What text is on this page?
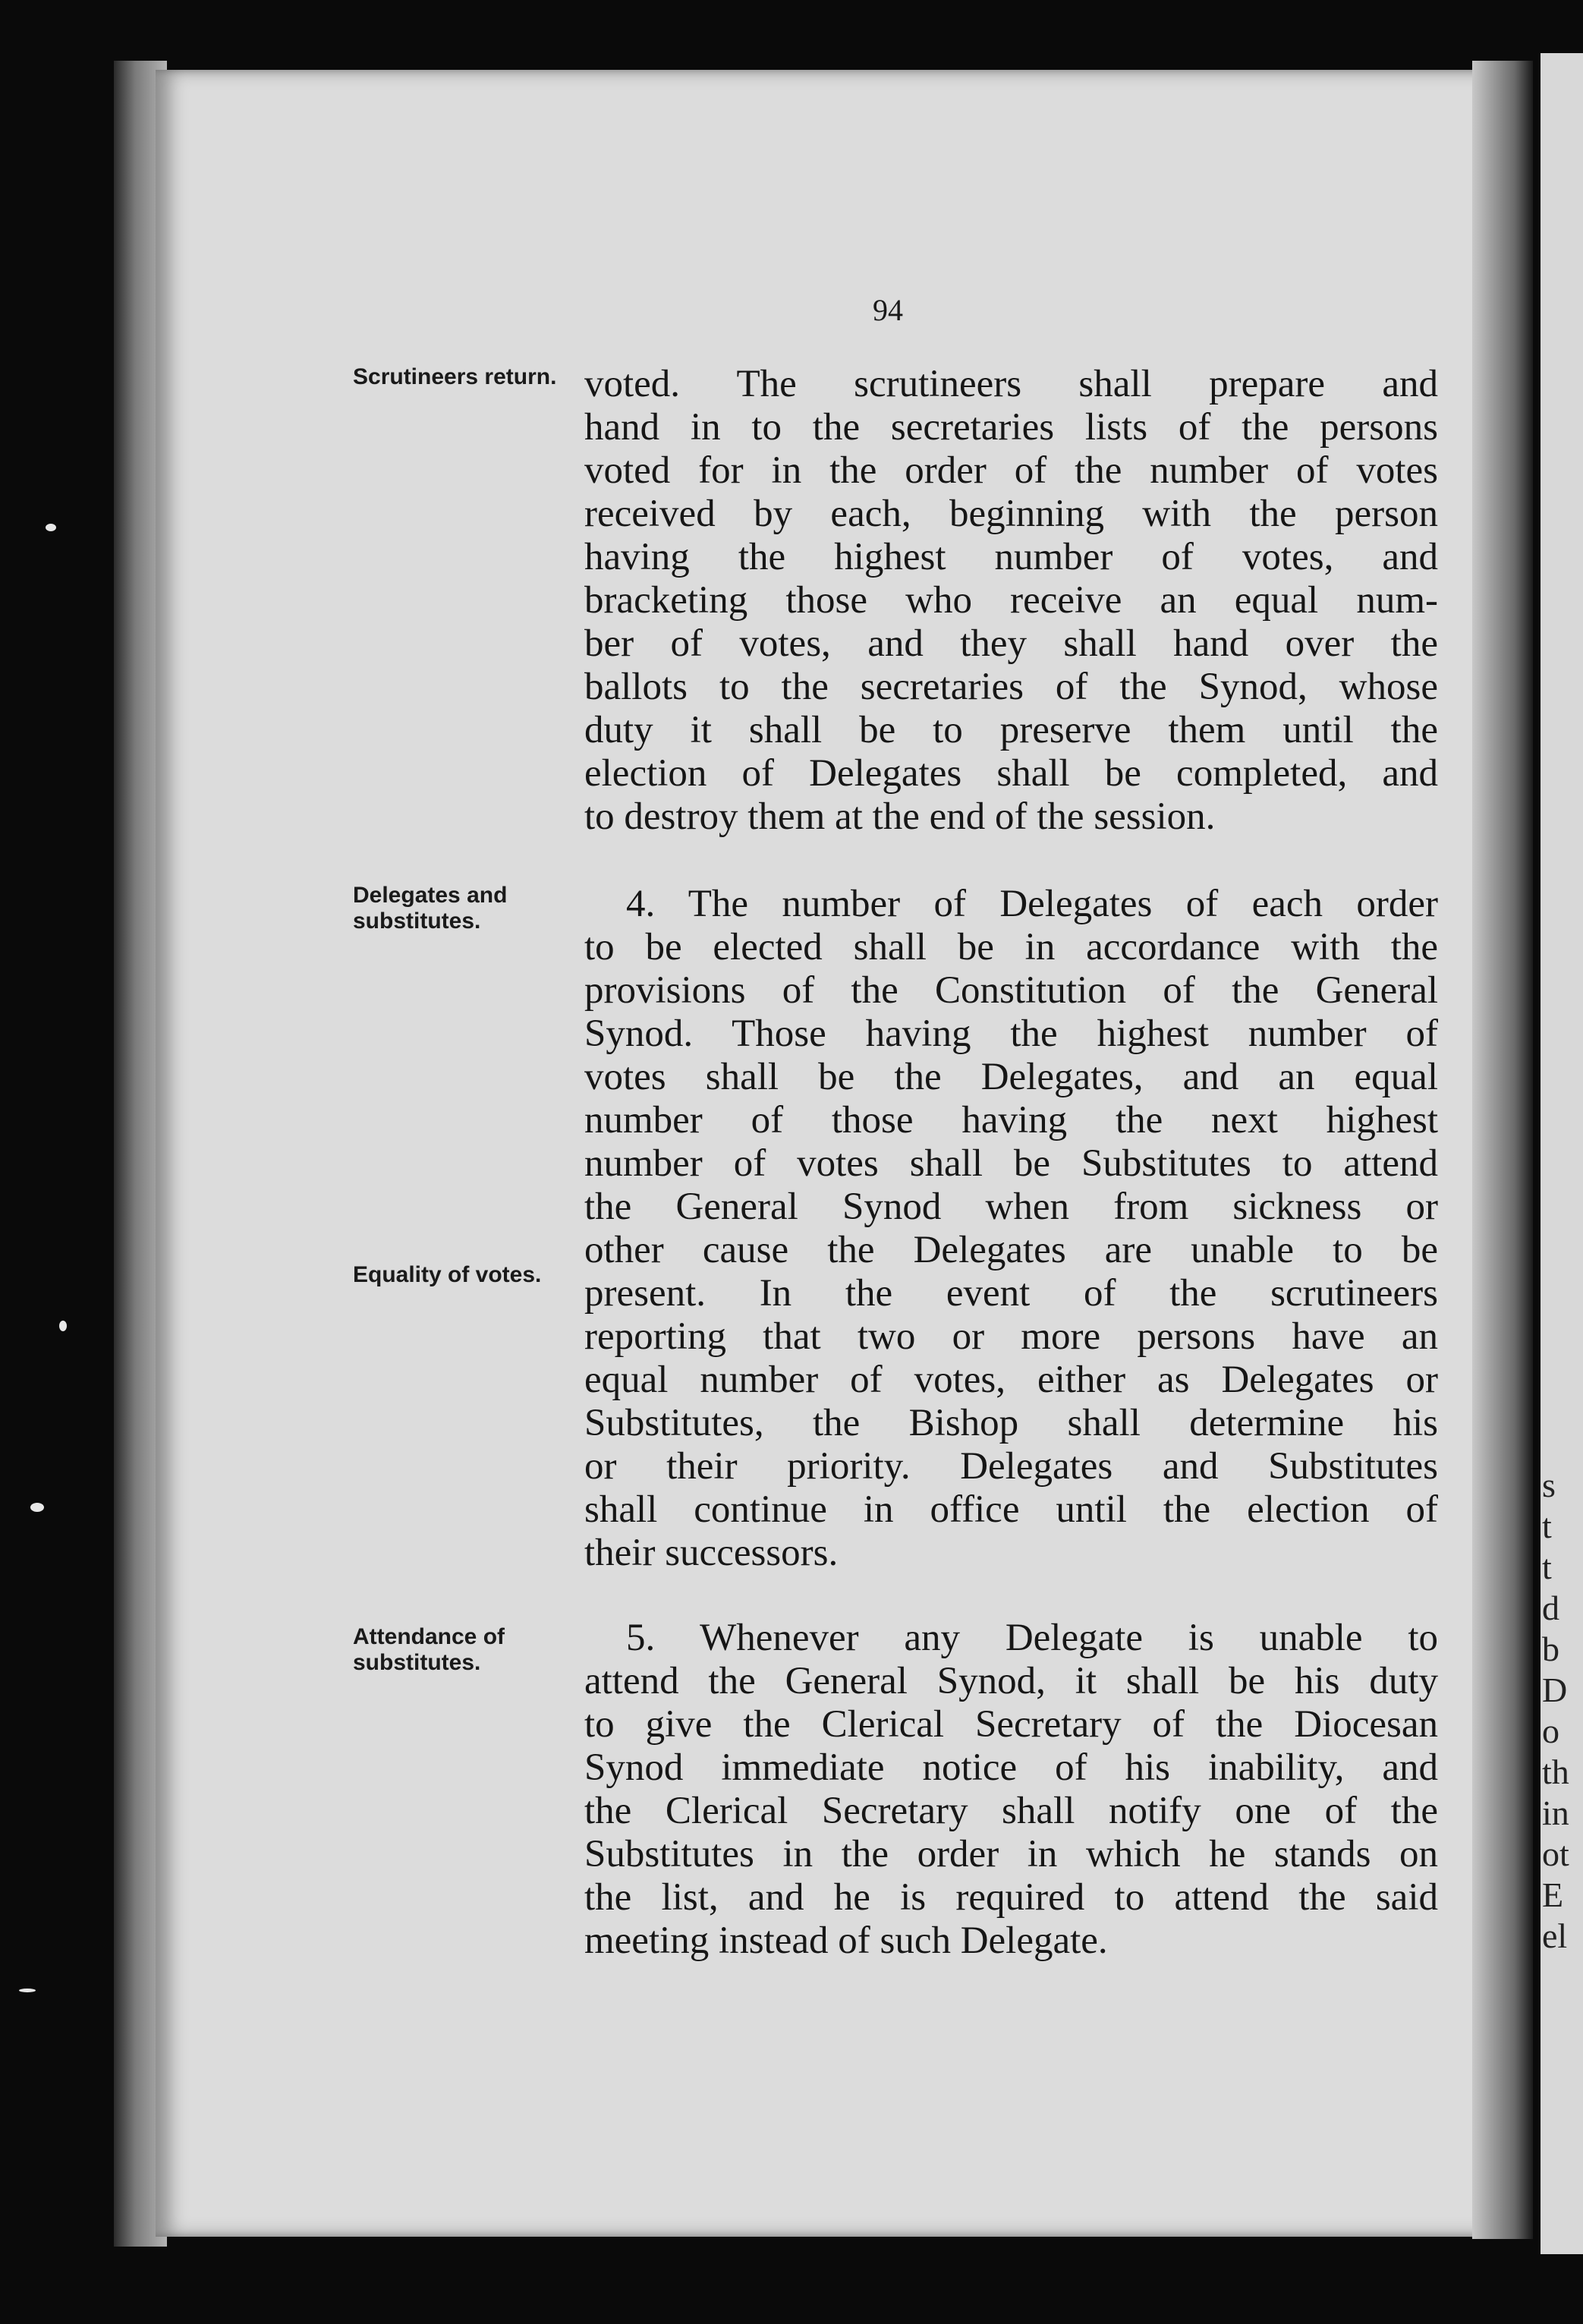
s
t
t
d
b
D
o
th
in
ot
E
el
94
Scrutineers return.
Delegates and substitutes.
Equality of votes.
Attendance of substitutes.
voted. The scrutineers shall prepare and
hand in to the secretaries lists of the persons
voted for in the order of the number of votes
received by each, beginning with the person
having the highest number of votes, and
bracketing those who receive an equal num-
ber of votes, and they shall hand over the
ballots to the secretaries of the Synod, whose
duty it shall be to preserve them until the
election of Delegates shall be completed, and
to destroy them at the end of the session.
4. The number of Delegates of each order
to be elected shall be in accordance with the
provisions of the Constitution of the General
Synod. Those having the highest number of
votes shall be the Delegates, and an equal
number of those having the next highest
number of votes shall be Substitutes to attend
the General Synod when from sickness or
other cause the Delegates are unable to be
present. In the event of the scrutineers
reporting that two or more persons have an
equal number of votes, either as Delegates or
Substitutes, the Bishop shall determine his
or their priority. Delegates and Substitutes
shall continue in office until the election of
their successors.
5. Whenever any Delegate is unable to
attend the General Synod, it shall be his duty
to give the Clerical Secretary of the Diocesan
Synod immediate notice of his inability, and
the Clerical Secretary shall notify one of the
Substitutes in the order in which he stands on
the list, and he is required to attend the said
meeting instead of such Delegate.
